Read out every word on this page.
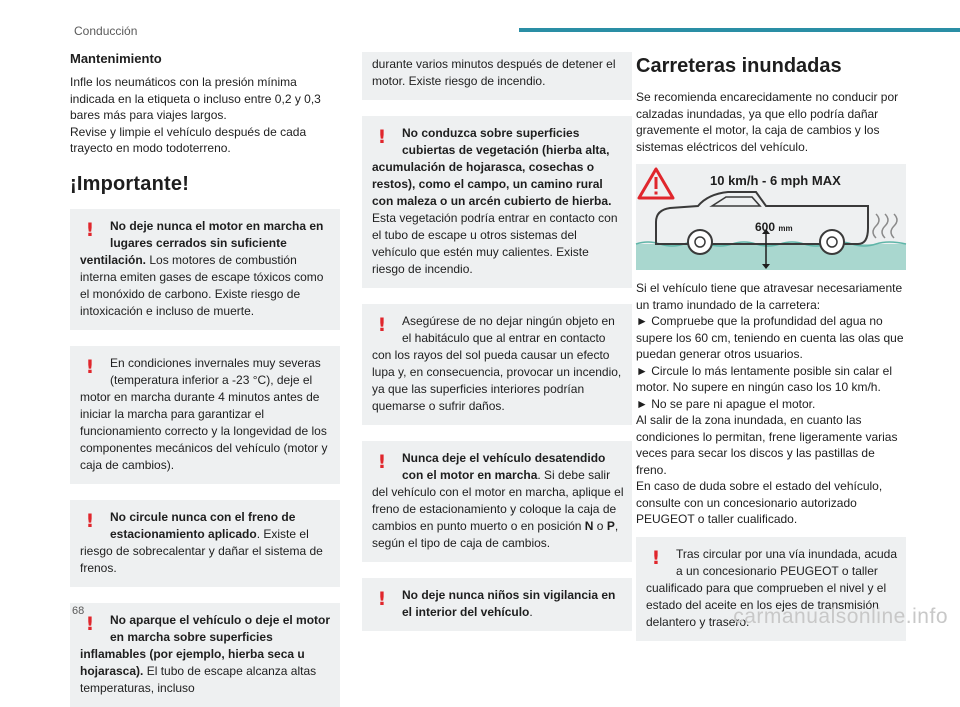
Conducción
Mantenimiento
Infle los neumáticos con la presión mínima indicada en la etiqueta o incluso entre 0,2 y 0,3 bares más para viajes largos.
Revise y limpie el vehículo después de cada trayecto en modo todoterreno.
¡Importante!
!	No deje nunca el motor en marcha en lugares cerrados sin suficiente ventilación. Los motores de combustión interna emiten gases de escape tóxicos como el monóxido de carbono. Existe riesgo de intoxicación e incluso de muerte.
!	En condiciones invernales muy severas (temperatura inferior a -23 °C), deje el motor en marcha durante 4 minutos antes de iniciar la marcha para garantizar el funcionamiento correcto y la longevidad de los componentes mecánicos del vehículo (motor y caja de cambios).
!	No circule nunca con el freno de estacionamiento aplicado. Existe el riesgo de sobrecalentar y dañar el sistema de frenos.
!	No aparque el vehículo o deje el motor en marcha sobre superficies inflamables (por ejemplo, hierba seca u hojarasca). El tubo de escape alcanza altas temperaturas, incluso
durante varios minutos después de detener el motor. Existe riesgo de incendio.
!	No conduzca sobre superficies cubiertas de vegetación (hierba alta, acumulación de hojarasca, cosechas o restos), como el campo, un camino rural con maleza o un arcén cubierto de hierba.
Esta vegetación podría entrar en contacto con el tubo de escape u otros sistemas del vehículo que estén muy calientes. Existe riesgo de incendio.
!	Asegúrese de no dejar ningún objeto en el habitáculo que al entrar en contacto con los rayos del sol pueda causar un efecto lupa y, en consecuencia, provocar un incendio, ya que las superficies interiores podrían quemarse o sufrir daños.
!	Nunca deje el vehículo desatendido con el motor en marcha. Si debe salir del vehículo con el motor en marcha, aplique el freno de estacionamiento y coloque la caja de cambios en punto muerto o en posición N o P, según el tipo de caja de cambios.
!	No deje nunca niños sin vigilancia en el interior del vehículo.
Carreteras inundadas
Se recomienda encarecidamente no conducir por calzadas inundadas, ya que ello podría dañar gravemente el motor, la caja de cambios y los sistemas eléctricos del vehículo.
10 km/h - 6 mph MAX
600 mm
Si el vehículo tiene que atravesar necesariamente un tramo inundado de la carretera:
► Compruebe que la profundidad del agua no supere los 60 cm, teniendo en cuenta las olas que puedan generar otros usuarios.
► Circule lo más lentamente posible sin calar el motor. No supere en ningún caso los 10 km/h.
► No se pare ni apague el motor.
Al salir de la zona inundada, en cuanto las condiciones lo permitan, frene ligeramente varias veces para secar los discos y las pastillas de freno.
En caso de duda sobre el estado del vehículo, consulte con un concesionario autorizado PEUGEOT o taller cualificado.
!	Tras circular por una vía inundada, acuda a un concesionario PEUGEOT o taller cualificado para que comprueben el nivel y el estado del aceite en los ejes de transmisión delantero y trasero.
68	carmanualsonline.info
